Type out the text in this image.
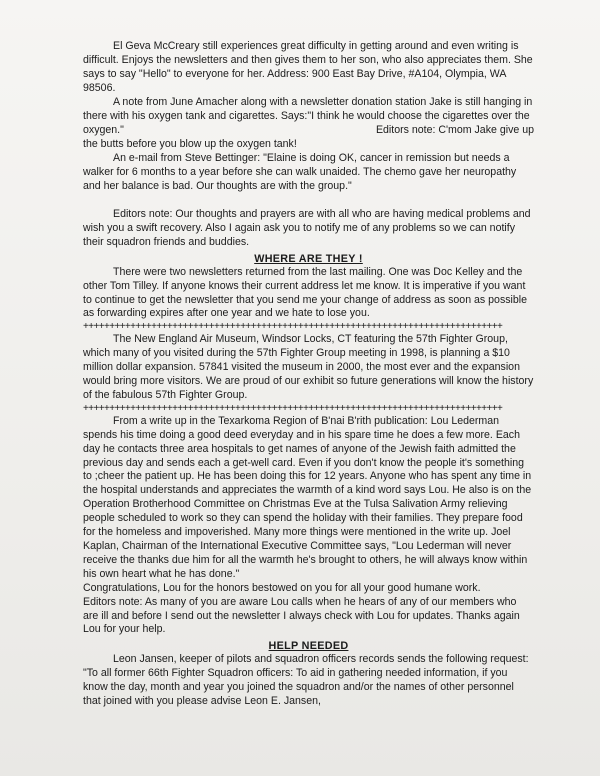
El Geva McCreary still experiences great difficulty in getting around and even writing is difficult. Enjoys the newsletters and then gives them to her son, who also appreciates them. She says to say "Hello" to everyone for her. Address: 900 East Bay Drive, #A104, Olympia, WA 98506.

A note from June Amacher along with a newsletter donation station Jake is still hanging in there with his oxygen tank and cigarettes. Says:"I think he would choose the cigarettes over the oxygen."	Editors note: C'mom Jake give up

the butts before you blow up the oxygen tank!

An e-mail from Steve Bettinger: "Elaine is doing OK, cancer in remission but needs a walker for 6 months to a year before she can walk unaided. The chemo gave her neuropathy and her balance is bad. Our thoughts are with the group."

Editors note: Our thoughts and prayers are with all who are having medical problems and wish you a swift recovery. Also I again ask you to notify me of any problems so we can notify their squadron friends and buddies.

WHERE ARE THEY !

There were two newsletters returned from the last mailing. One was Doc Kelley and the other Tom Tilley. If anyone knows their current address let me know. It is imperative if you want to continue to get the newsletter that you send me your change of address as soon as possible as forwarding expires after one year and we hate to lose you.

++++++++++++++++++++++++++++++++++++++++++++++++++++++++++++++++++++++++++++++++

The New England Air Museum, Windsor Locks, CT featuring the 57th Fighter Group, which many of you visited during the 57th Fighter Group meeting in 1998, is planning a $10 million dollar expansion. 57841 visited the museum in 2000, the most ever and the expansion would bring more visitors. We are proud of our exhibit so future generations will know the history of the fabulous 57th Fighter Group.

++++++++++++++++++++++++++++++++++++++++++++++++++++++++++++++++++++++++++++++++

From a write up in the Texarkoma Region of B'nai B'rith publication: Lou Lederman spends his time doing a good deed everyday and in his spare time he does a few more. Each day he contacts three area hospitals to get names of anyone of the Jewish faith admitted the previous day and sends each a get-well card. Even if you don't know the people it's something to ;cheer the patient up. He has been doing this for 12 years. Anyone who has spent any time in the hospital understands and appreciates the warmth of a kind word says Lou. He also is on the Operation Brotherhood Committee on Christmas Eve at the Tulsa Salivation Army relieving people scheduled to work so they can spend the holiday with their families. They prepare food for the homeless and impoverished. Many more things were mentioned in the write up. Joel Kaplan, Chairman of the International Executive Committee says, "Lou Lederman will never receive the thanks due him for all the warmth he's brought to others, he will always know within his own heart what he has done."

Congratulations, Lou for the honors bestowed on you for all your good humane work.

Editors note: As many of you are aware Lou calls when he hears of any of our members who are ill and before I send out the newsletter I always check with Lou for updates. Thanks again Lou for your help.

HELP NEEDED

Leon Jansen, keeper of pilots and squadron officers records sends the following request:

"To all former 66th Fighter Squadron officers: To aid in gathering needed information, if you know the day, month and year you joined the squadron and/or the names of other personnel that joined with you please advise Leon E. Jansen,
